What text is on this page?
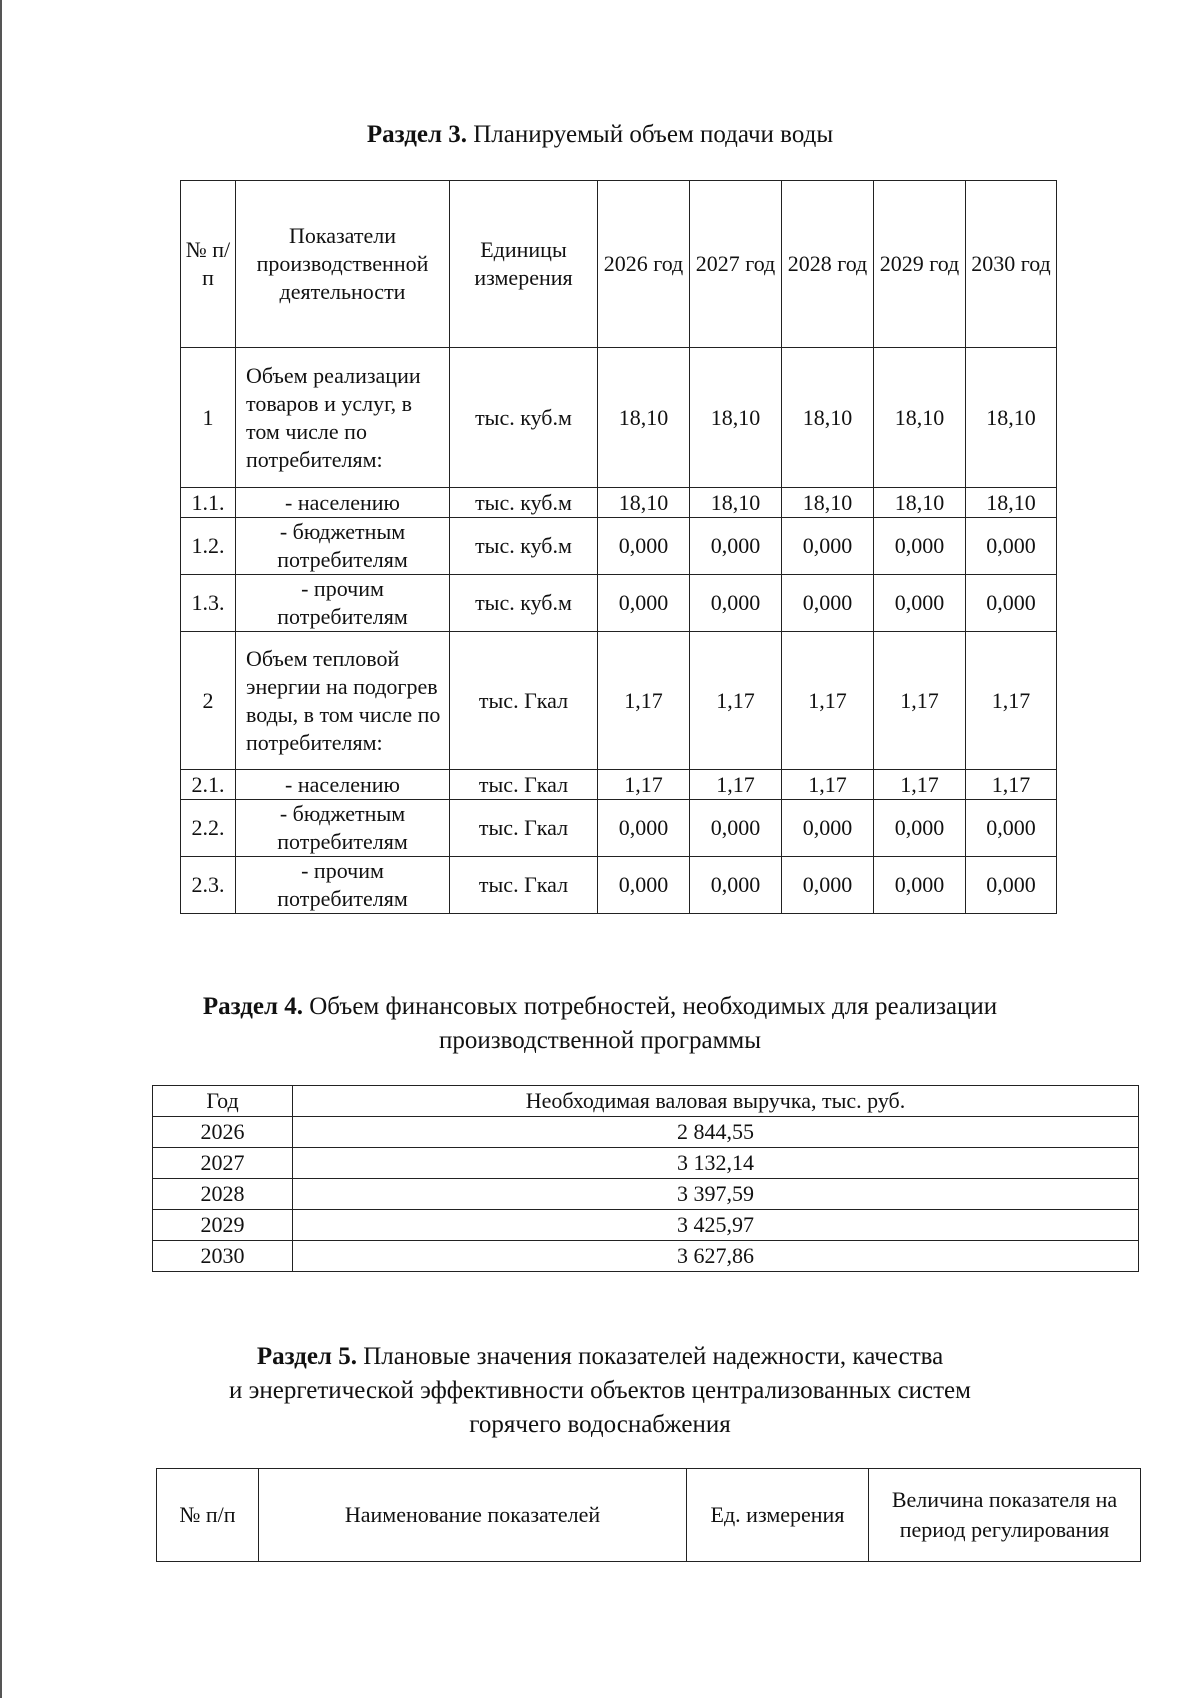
Раздел 3. Планируемый объем подачи воды
№ п/п	Показатели производственной деятельности	Единицы измерения	2026 год	2027 год	2028 год	2029 год	2030 год
1	Объем реализации товаров и услуг, в том числе по потребителям:	тыс. куб.м	18,10	18,10	18,10	18,10	18,10
1.1.	- населению	тыс. куб.м	18,10	18,10	18,10	18,10	18,10
1.2.	- бюджетным потребителям	тыс. куб.м	0,000	0,000	0,000	0,000	0,000
1.3.	- прочим потребителям	тыс. куб.м	0,000	0,000	0,000	0,000	0,000
2	Объем тепловой энергии на подогрев воды, в том числе по потребителям:	тыс. Гкал	1,17	1,17	1,17	1,17	1,17
2.1.	- населению	тыс. Гкал	1,17	1,17	1,17	1,17	1,17
2.2.	- бюджетным потребителям	тыс. Гкал	0,000	0,000	0,000	0,000	0,000
2.3.	- прочим потребителям	тыс. Гкал	0,000	0,000	0,000	0,000	0,000
Раздел 4. Объем финансовых потребностей, необходимых для реализации
производственной программы
Год	Необходимая валовая выручка, тыс. руб.
2026	2 844,55
2027	3 132,14
2028	3 397,59
2029	3 425,97
2030	3 627,86
Раздел 5. Плановые значения показателей надежности, качества
и энергетической эффективности объектов централизованных систем
горячего водоснабжения
№ п/п	Наименование показателей	Ед. измерения	Величина показателя на период регулирования
